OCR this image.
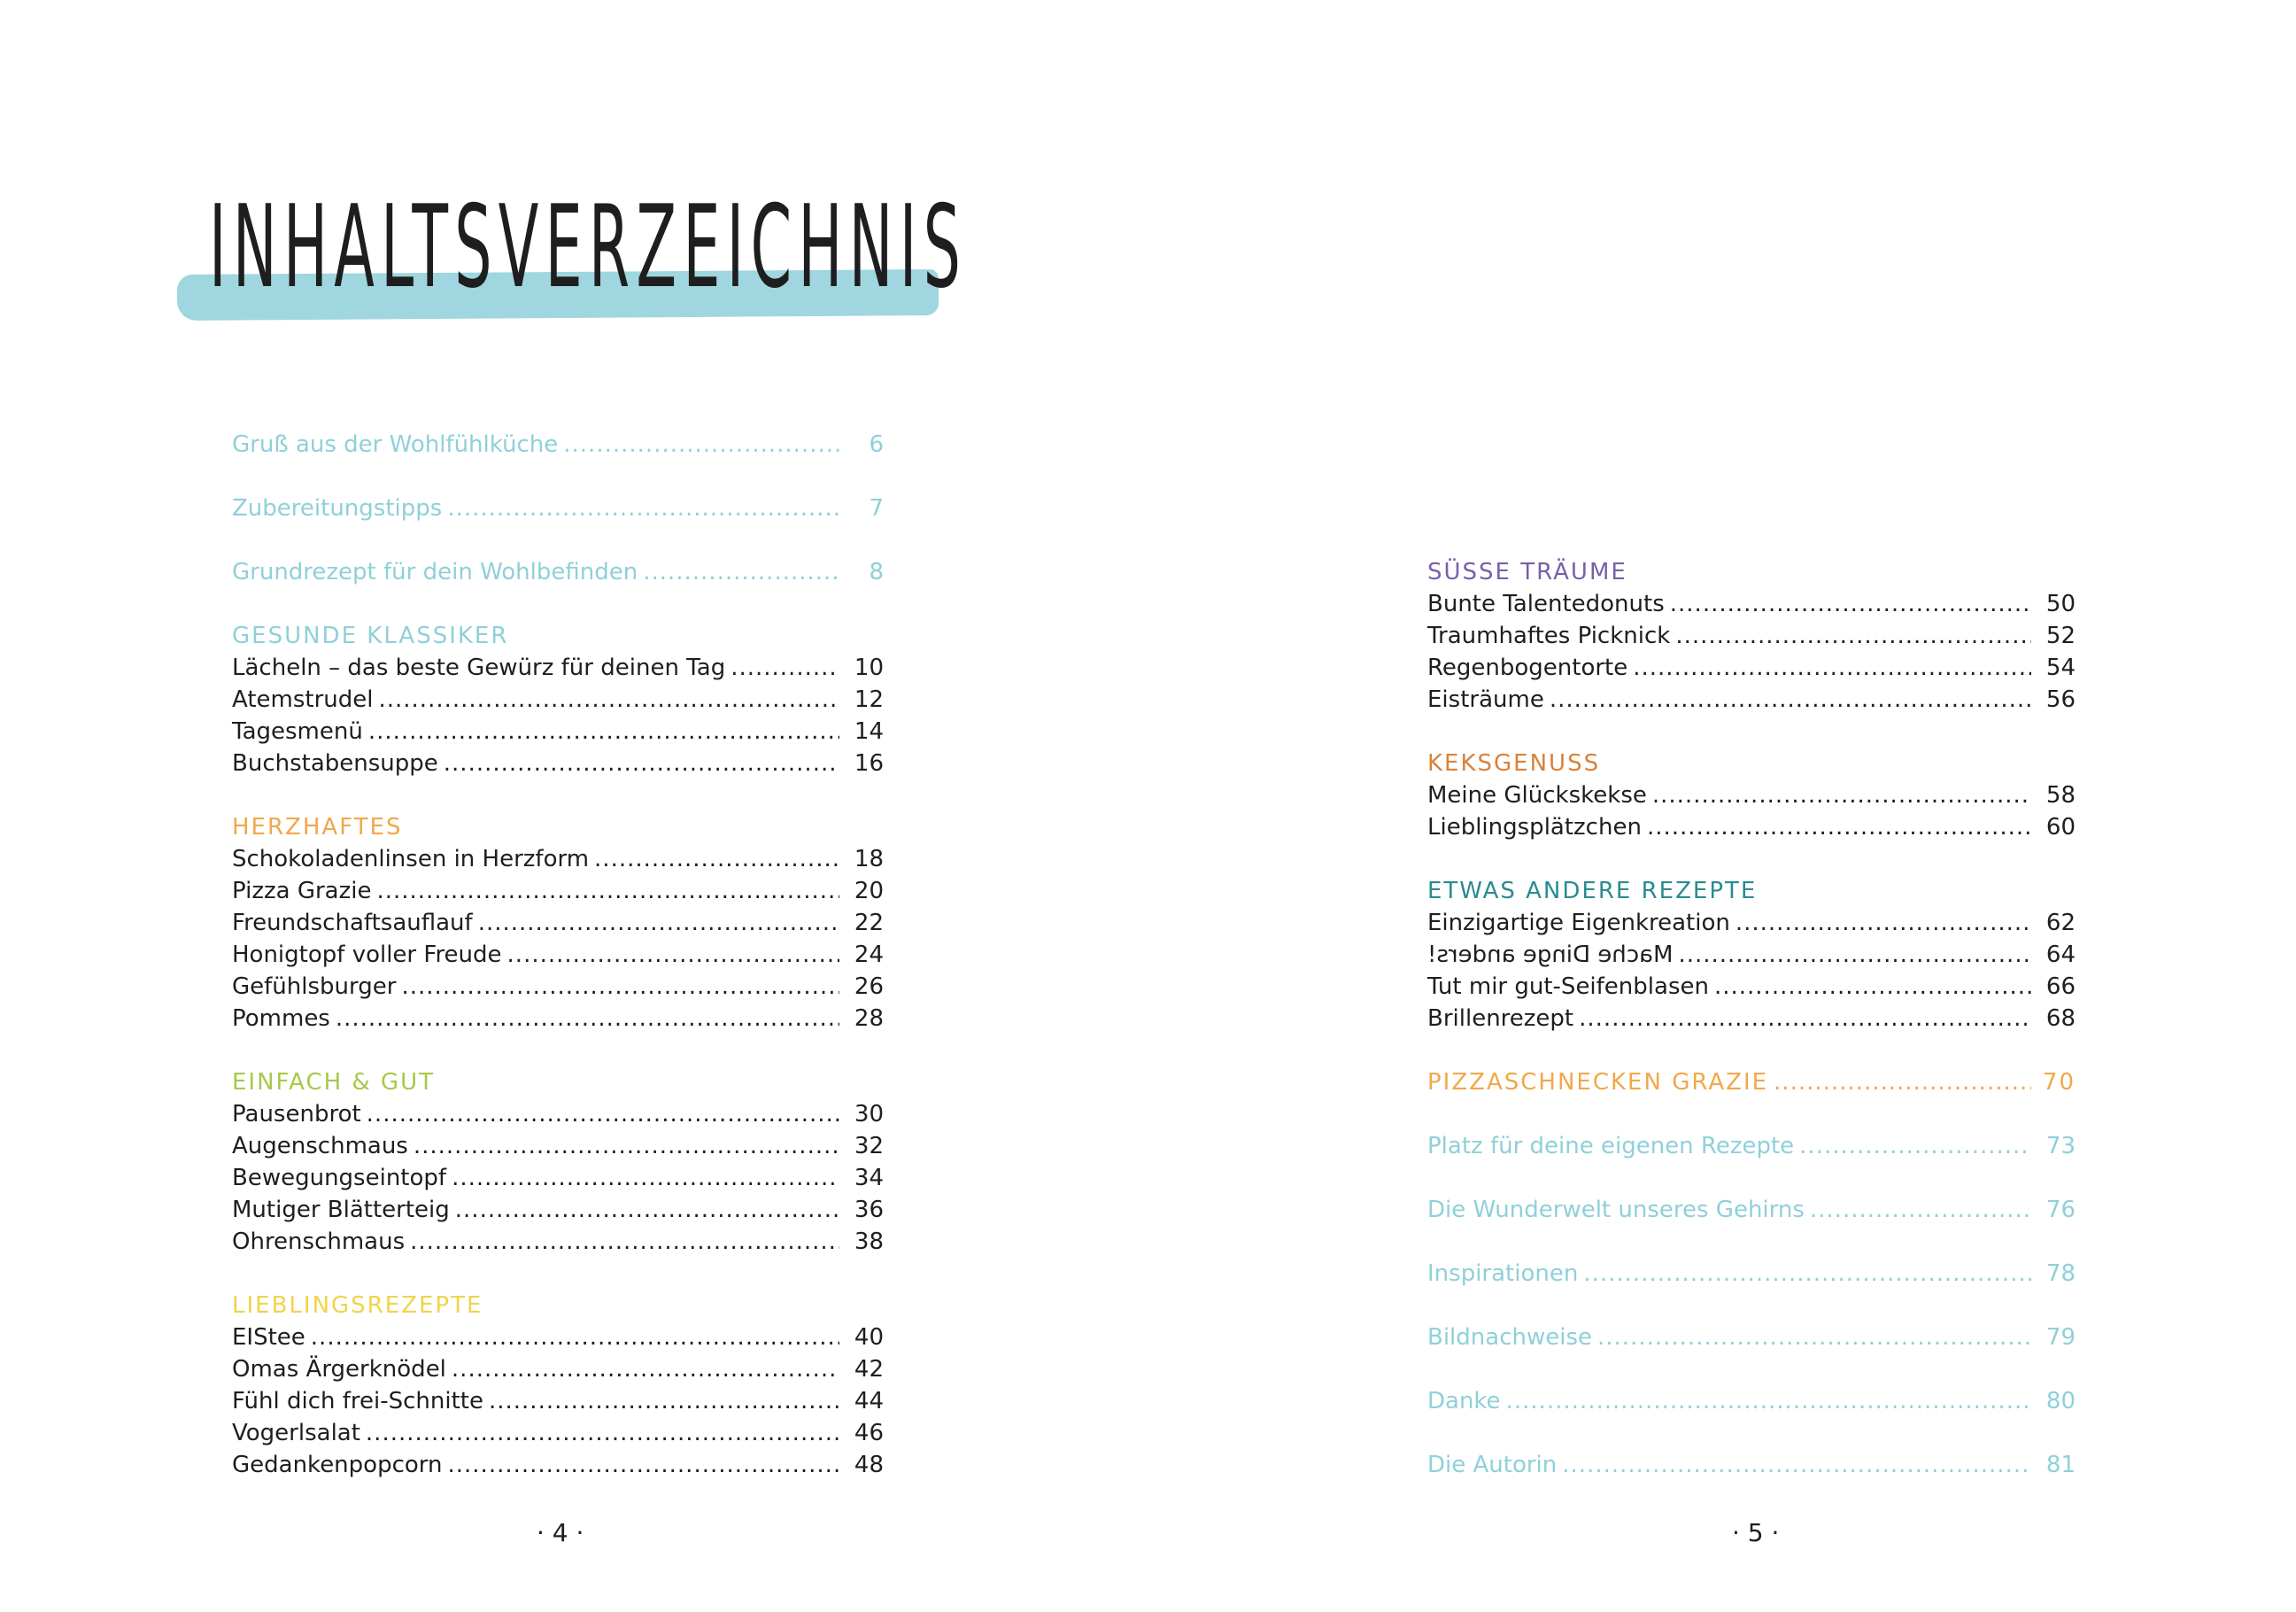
INHALTSVERZEICHNIS
Gruß aus der Wohlfühlküche .....	6
Zubereitungstipps .....	7
Grundrezept für dein Wohlbefinden .....	8
GESUNDE KLASSIKER
Lächeln – das beste Gewürz für deinen Tag .....	10
Atemstrudel .....	12
Tagesmenü .....	14
Buchstabensuppe .....	16
HERZHAFTES
Schokoladenlinsen in Herzform .....	18
Pizza Grazie .....	20
Freundschaftsauflauf .....	22
Honigtopf voller Freude .....	24
Gefühlsburger .....	26
Pommes .....	28
EINFACH & GUT
Pausenbrot .....	30
Augenschmaus .....	32
Bewegungseintopf .....	34
Mutiger Blätterteig .....	36
Ohrenschmaus .....	38
LIEBLINGSREZEPTE
EIStee .....	40
Omas Ärgerknödel .....	42
Fühl dich frei-Schnitte .....	44
Vogerlsalat .....	46
Gedankenpopcorn .....	48
· 4 ·
SÜSSE TRÄUME
Bunte Talentedonuts .....	50
Traumhaftes Picknick .....	52
Regenbogentorte .....	54
Eisträume .....	56
KEKSGENUSS
Meine Glückskekse .....	58
Lieblingsplätzchen .....	60
ETWAS ANDERE REZEPTE
Einzigartige Eigenkreation .....	62
Mache Dinge anders! .....	64
Tut mir gut-Seifenblasen .....	66
Brillenrezept .....	68
PIZZASCHNECKEN GRAZIE .....	70
Platz für deine eigenen Rezepte .....	73
Die Wunderwelt unseres Gehirns .....	76
Inspirationen .....	78
Bildnachweise .....	79
Danke .....	80
Die Autorin .....	81
· 5 ·
